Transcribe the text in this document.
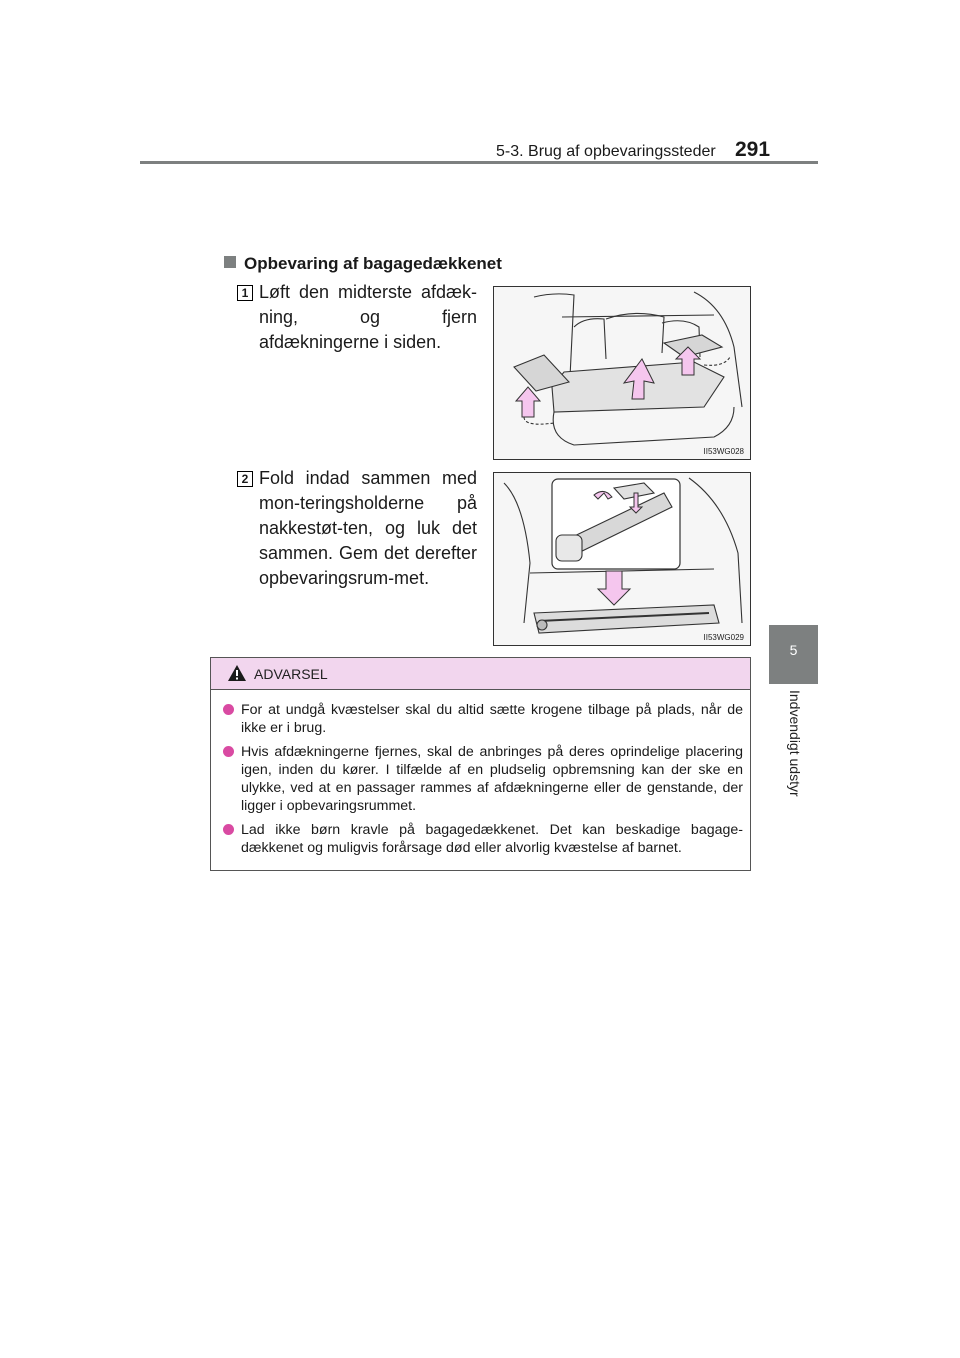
5-3. Brug af opbevaringssteder 291
5
Indvendigt udstyr
Opbevaring af bagagedækkenet
1 Løft den midterste afdæk-ning, og fjern afdækningerne i siden.
II53WG028
2 Fold indad sammen med mon-teringsholderne på nakkestøt-ten, og luk det sammen. Gem det derefter opbevaringsrum-met.
II53WG029
ADVARSEL
For at undgå kvæstelser skal du altid sætte krogene tilbage på plads, når de ikke er i brug.
Hvis afdækningerne fjernes, skal de anbringes på deres oprindelige placering igen, inden du kører. I tilfælde af en pludselig opbremsning kan der ske en ulykke, ved at en passager rammes af afdækningerne eller de genstande, der ligger i opbevaringsrummet.
Lad ikke børn kravle på bagagedækkenet. Det kan beskadige bagage-dækkenet og muligvis forårsage død eller alvorlig kvæstelse af barnet.
